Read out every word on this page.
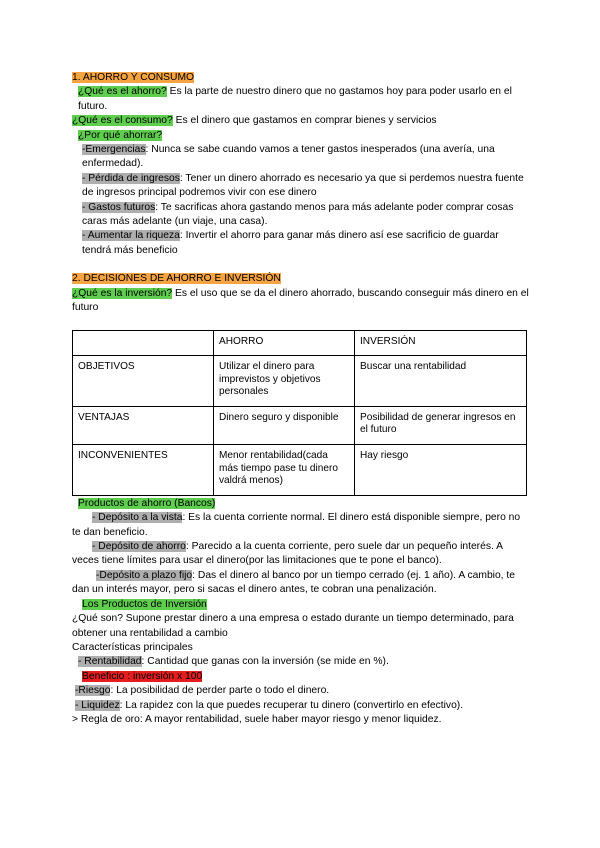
1. AHORRO Y CONSUMO

¿Qué es el ahorro? Es la parte de nuestro dinero que no gastamos hoy para poder usarlo en el futuro.

¿Qué es el consumo? Es el dinero que gastamos en comprar bienes y servicios

¿Por qué ahorrar?

-Emergencias: Nunca se sabe cuando vamos a tener gastos inesperados (una avería, una enfermedad).

- Pérdida de ingresos: Tener un dinero ahorrado es necesario ya que si perdemos nuestra fuente de ingresos principal podremos vivir con ese dinero

- Gastos futuros: Te sacrificas ahora gastando menos para más adelante poder comprar cosas caras más adelante (un viaje, una casa).

- Aumentar la riqueza: Invertir el ahorro para ganar más dinero así ese sacrificio de guardar tendrá más beneficio

2. DECISIONES DE AHORRO E INVERSIÓN

¿Qué es la inversión? Es el uso que se da el dinero ahorrado, buscando conseguir más dinero en el futuro

	AHORRO	INVERSIÓN
OBJETIVOS	Utilizar el dinero para imprevistos y objetivos personales	Buscar una rentabilidad
VENTAJAS	Dinero seguro y disponible	Posibilidad de generar ingresos en el futuro
INCONVENIENTES	Menor rentabilidad(cada más tiempo pase tu dinero valdrá menos)	Hay riesgo

Productos de ahorro (Bancos)

- Depósito a la vista: Es la cuenta corriente normal. El dinero está disponible siempre, pero no te dan beneficio.

- Depósito de ahorro: Parecido a la cuenta corriente, pero suele dar un pequeño interés. A veces tiene límites para usar el dinero(por las limitaciones que te pone el banco).

-Depósito a plazo fijo: Das el dinero al banco por un tiempo cerrado (ej. 1 año). A cambio, te dan un interés mayor, pero si sacas el dinero antes, te cobran una penalización.

Los Productos de Inversión

¿Qué son? Supone prestar dinero a una empresa o estado durante un tiempo determinado, para obtener una rentabilidad a cambio

Características principales

- Rentabilidad: Cantidad que ganas con la inversión (se mide en %).

Beneficio : inversión x 100

-Riesgo: La posibilidad de perder parte o todo el dinero.

- Liquidez: La rapidez con la que puedes recuperar tu dinero (convertirlo en efectivo).

> Regla de oro: A mayor rentabilidad, suele haber mayor riesgo y menor liquidez.
